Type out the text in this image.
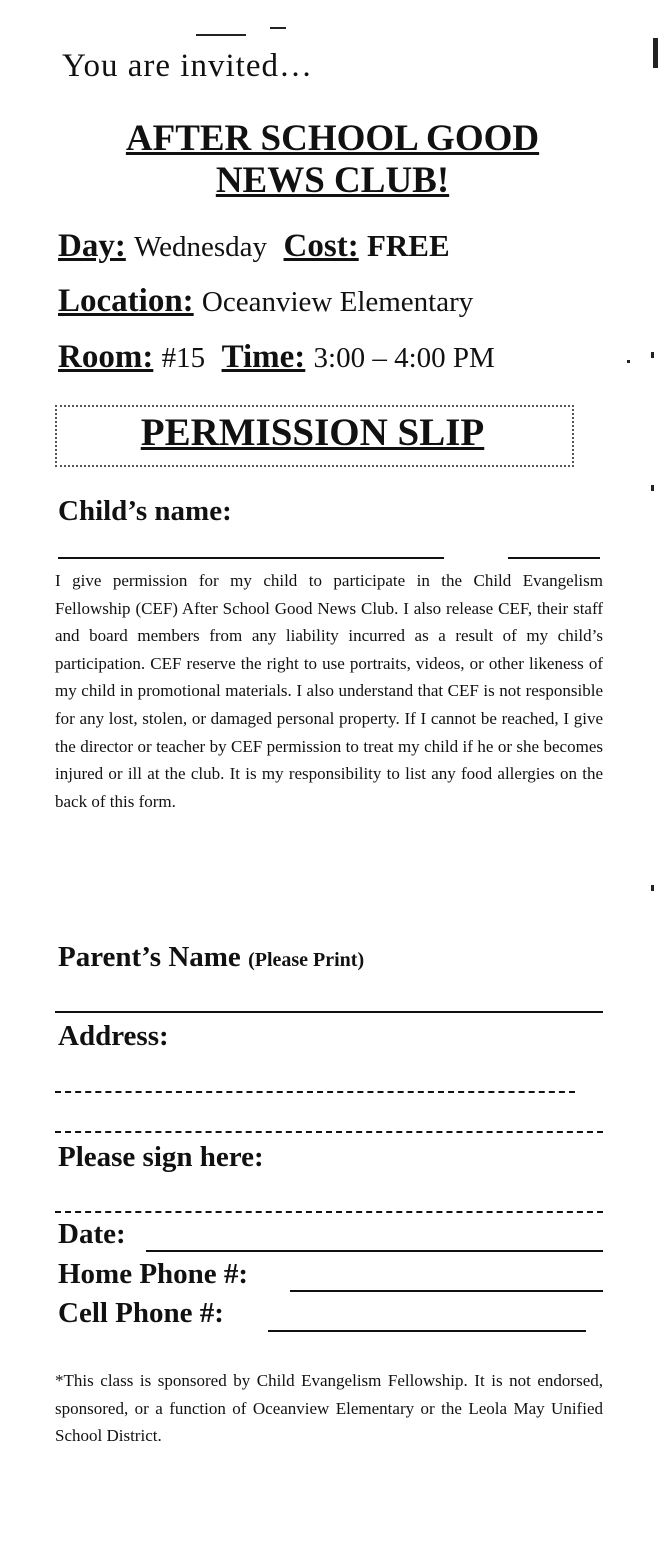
You are invited…
AFTER SCHOOL GOOD
NEWS CLUB!
Day: Wednesday Cost: FREE
Location: Oceanview Elementary
Room: #15 Time: 3:00 – 4:00 PM
PERMISSION SLIP
Child’s name:
I give permission for my child to participate in the Child Evangelism Fellowship (CEF) After School Good News Club. I also release CEF, their staff and board members from any liability incurred as a result of my child’s participation. CEF reserve the right to use portraits, videos, or other likeness of my child in promotional materials. I also understand that CEF is not responsible for any lost, stolen, or damaged personal property. If I cannot be reached, I give the director or teacher by CEF permission to treat my child if he or she becomes injured or ill at the club. It is my responsibility to list any food allergies on the back of this form.
Parent’s Name (Please Print)
Address:
Please sign here:
Date:
Home Phone #:
Cell Phone #:
*This class is sponsored by Child Evangelism Fellowship. It is not endorsed, sponsored, or a function of Oceanview Elementary or the Leola May Unified School District.
